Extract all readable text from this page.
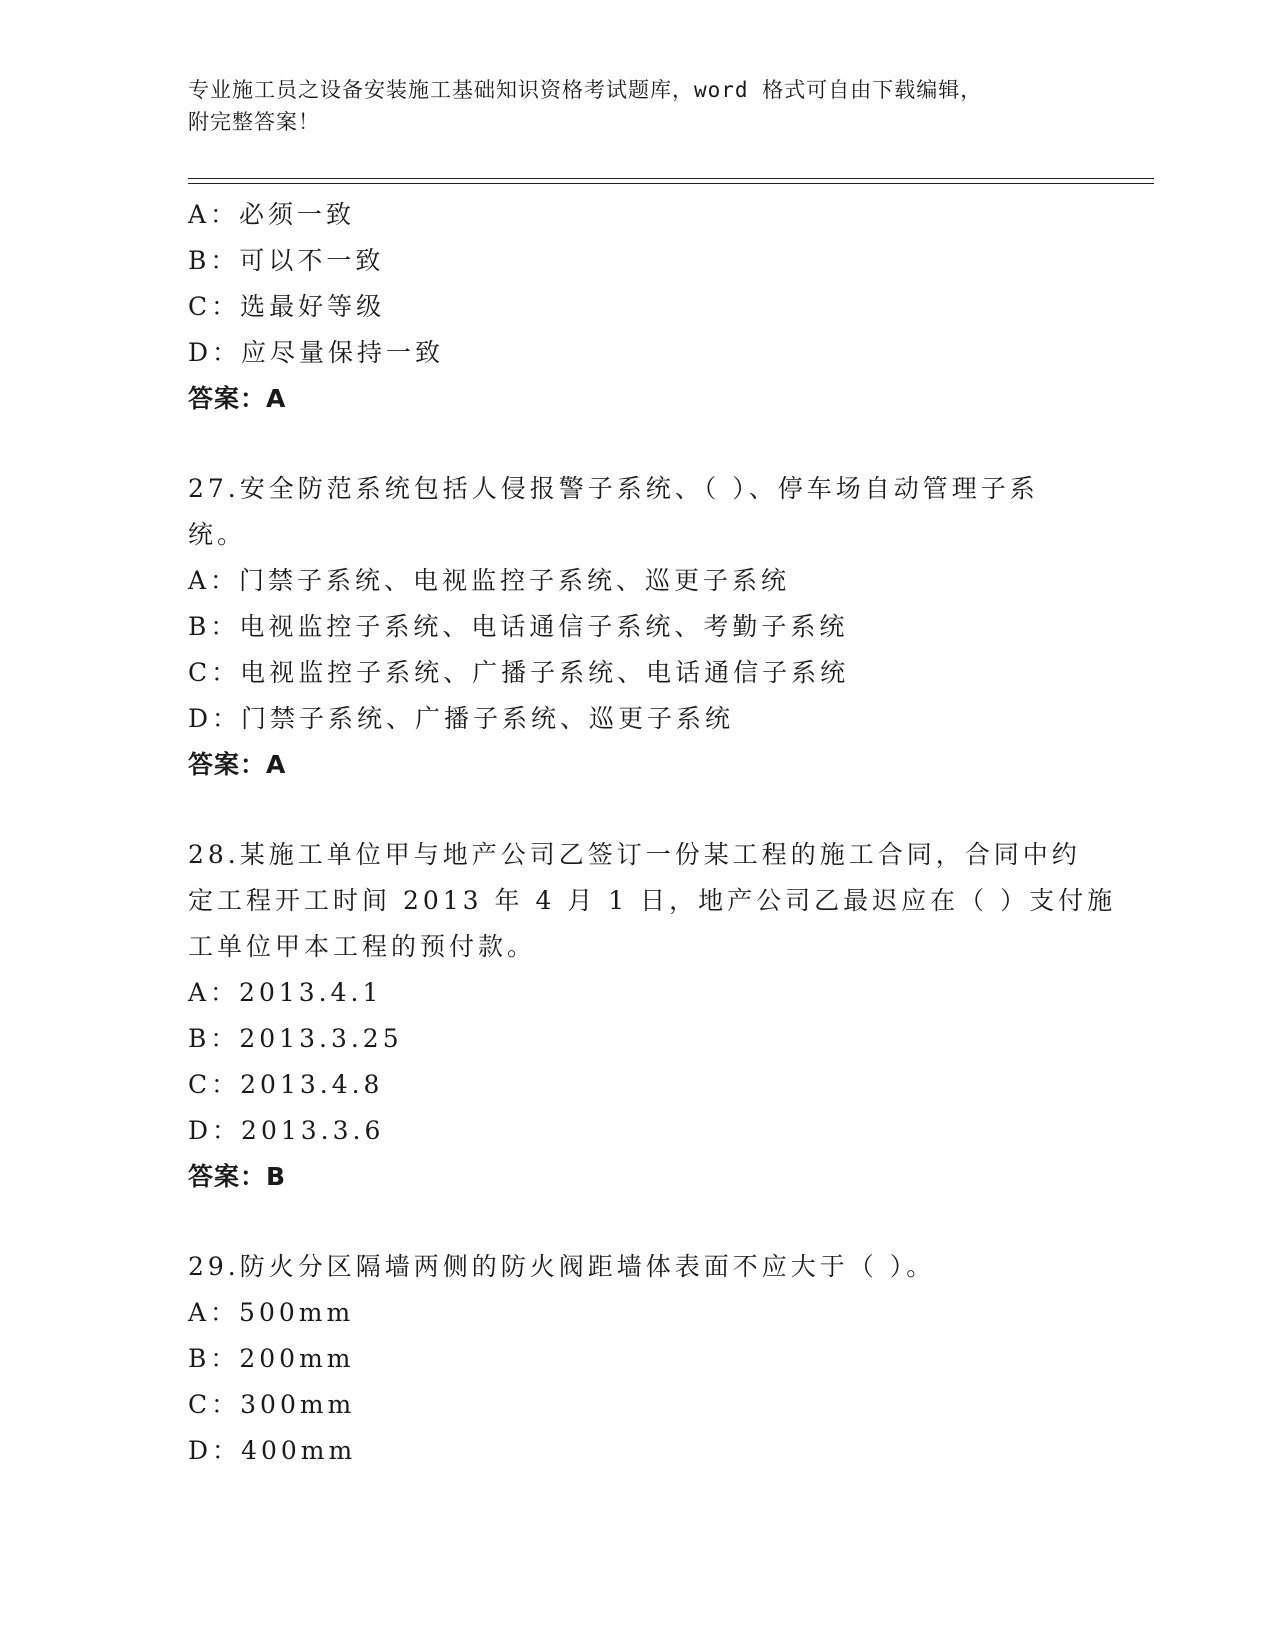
专业施工员之设备安装施工基础知识资格考试题库，word 格式可自由下载编辑，
附完整答案！
A：必须一致
B：可以不一致
C：选最好等级
D：应尽量保持一致
答案：A
27.安全防范系统包括人侵报警子系统、（ ）、停车场自动管理子系
统。
A：门禁子系统、电视监控子系统、巡更子系统
B：电视监控子系统、电话通信子系统、考勤子系统
C：电视监控子系统、广播子系统、电话通信子系统
D：门禁子系统、广播子系统、巡更子系统
答案：A
28.某施工单位甲与地产公司乙签订一份某工程的施工合同，合同中约
定工程开工时间 2013 年 4 月 1 日，地产公司乙最迟应在（ ）支付施
工单位甲本工程的预付款。
A：2013.4.1
B：2013.3.25
C：2013.4.8
D：2013.3.6
答案：B
29.防火分区隔墙两侧的防火阀距墙体表面不应大于（ ）。
A：500mm
B：200mm
C：300mm
D：400mm
